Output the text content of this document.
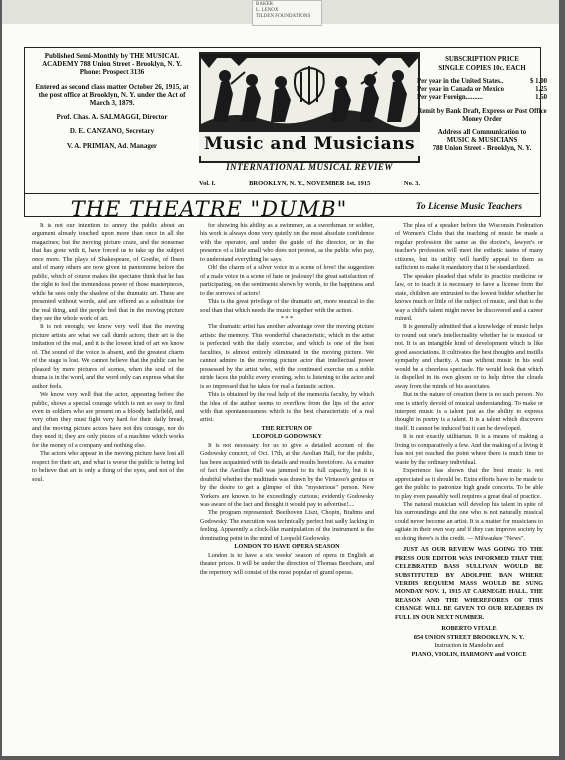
BAKER
L. LENOX
TILDEN FOUNDATIONS

Published Semi-Monthly by THE MUSICAL ACADEMY 788 Union Street - Brooklyn, N. Y. Phone: Prospect 3136

Entered as second class matter October 26, 1915, at the post office at Brooklyn, N. Y. under the Act of March 3, 1879.

Prof. Chas. A. SALMAGGI, Director

D. E. CANZANO, Secretary

V. A. PRIMIAN, Ad. Manager	Music and Musicians
INTERNATIONAL MUSICAL REVIEW
Vol. I.	BROOKLYN, N. Y., NOVEMBER 1st, 1915	No. 3.

SUBSCRIPTION PRICE

SINGLE COPIES 10c. EACH

Per year in the United States..	$ 1.00
Per year in Canada or Mexico	1.25
Per year Foreign..........	1.50

Remit by Bank Draft, Express or Post Office Money Order

Address all Communication to

MUSIC & MUSICIANS

788 Union Street - Brooklyn, N. Y.

THE THEATRE "DUMB"	To License Music Teachers

It is not our intention to annoy the public about an argument already touched upon more than once in all the magazines; but the moving picture craze, and the nonsense that has gone with it, have forced us to take up the subject once more. The plays of Shakespeare, of Goethe, of Ibsen and of many others are now given in pantomime before the public, which of course makes the spectator think that he has the right to feel the tremendous power of those masterpieces, while he sees only the shadow of the dramatic art. These are presented without words, and are offered as a substitute for the real thing, and the people feel that in the moving picture they see the whole work of art.

It is not enough; we know very well that the moving picture artists are what we call dumb actors; their art is the imitation of the real, and it is the lowest kind of art we know of. The sound of the voice is absent, and the greatest charm of the stage is lost. We cannot believe that the public can be pleased by mere pictures of scenes, when the soul of the drama is in the word, and the word only can express what the author feels.

We know very well that the actor, appearing before the public, shows a special courage which is not so easy to find even in soldiers who are present on a bloody battlefield, and very often they must fight very hard for their daily bread, and the moving picture actors have not this courage, nor do they need it; they are only pieces of a machine which works for the money of a company and nothing else.

The actors who appear in the moving picture have lost all respect for their art, and what is worse the public is being led to believe that art is only a thing of the eyes, and not of the soul.

for showing his ability as a swimmer, as a swordsman or soldier, his work is always done very quietly on the most absolute confidence with the operator, and under the guide of the director, or in the presence of a little small who does not protest, as the public who pay, to understand everything he says.

Oh! the charm of a silver voice in a scene of love! the suggestion of a male voice in a scene of hate or jealousy! the great satisfaction of participating, on the sentiments shown by words, to the happiness and to the sorrows of actors!

This is the great privilege of the dramatic art, more musical to the soul than that which needs the music together with the action.

* * *

The dramatic artist has another advantage over the moving picture artists: the memory. This wonderful characteristic, which in the artist is perfected with the daily exercise, and which is one of the best faculties, is almost entirely eliminated in the moving picture. We cannot admire in the moving picture actor that intellectual power possessed by the artist who, with the continued exercise on a noble stride faces the public every evening, who is listening to the actor and is so impressed that he takes for real a fantastic action.

This is obtained by the real help of the memoria faculty, by which the idea of the author seems to overflow from the lips of the actor with that spontaneousness which is the best characteristic of a real artist.

THE RETURN OF

LEOPOLD GODOWSKY

It is not necessary for us to give a detailed account of the Godowsky concert, of Oct. 17th, at the Aeolian Hall, for the public, has been acquainted with its details and results heretofore. As a matter of fact the Aeolian Hall was jammed to its full capacity, but it is doubtful whether the multitude was drawn by the Virtuoso's genius or by the desire to get a glimpse of this "mysterious" person. New Yorkers are known to be exceedingly curious; evidently Godowsky was aware of the fact and thought it would pay to advertise!....

The program represented: Beethoven Liszt, Chopin, Brahms and Godowsky. The execution was technically perfect but sadly lacking in feeling. Apparently a clock-like manipulation of the instrument is the dominating point in the mind of Leopold Godowsky.

LONDON TO HAVE OPERA SEASON

London is to have a six weeks' season of opera in English at theater prices. It will be under the direction of Thomas Beecham, and the repertory will consist of the most popular of grand operas.

The plea of a speaker before the Wisconsin Federation of Women's Clubs that the teaching of music be made a regular profession the same as the doctor's, lawyer's or teacher's profession will meet the esthetic tastes of many citizens, but its utility will hardly appeal to them as sufficient to make it mandatory that it be standardized.

The speaker pleaded that while to practice medicine or law, or to teach it is necessary to have a license from the state, children are entrusted to the lowest bidder whether he knows much or little of the subject of music, and that is the way a child's talent might never be discovered and a career ruined.

It is generally admitted that a knowledge of music helps to round out one's intellectuality whether he is musical or not. It is an intangible kind of development which is like good associations. It cultivates the best thoughts and instills sympathy and charity. A man without music in his soul would be a cheerless spectacle. He would look that which is dispelled in its own gloom or to help drive the clouds away from the minds of his associates.

But in the nature of creation there is no such person. No one is utterly devoid of musical understanding. To make or interpret music is a talent just as the ability to express thought in poetry is a talent. It is a talent which discovers itself. It cannot be induced but it can be developed.

It is not exactly utilitarian. It is a means of making a living to comparatively a few. And the making of a living it has not yet reached the point where there is much time to waste by the ordinary individual.

Experience has shown that the best music is not appreciated as it should be. Extra efforts have to be made to get the public to patronize high grade concerts. To be able to play even passably well requires a great deal of practice.

The natural musician will develop his talent in spite of his surroundings and the one who is not naturally musical could never become an artist. It is a matter for musicians to agitate in their own way and if they can improve society by so doing there's is the credit. — Milwaukee "News".

JUST AS OUR REVIEW WAS GOING TO THE PRESS OUR EDITOR WAS INFORMED THAT THE CELEBRATED BASS SULLIVAN WOULD BE SUBSTITUTED BY ADOLPHE BAN WHERE VERDIS REQUIEM MASS WOULD BE SUNG MONDAY NOV. 1, 1915 AT CARNEGIE HALL. THE REASON AND THE WHEREFORES OF THIS CHANGE WILL BE GIVEN TO OUR READERS IN FULL IN OUR NEXT NUMBER.

ROBERTO VITALE

854 UNION STREET BROOKLYN, N. Y.

Instruction in Mandolin and

PIANO, VIOLIN, HARMONY and VOICE
